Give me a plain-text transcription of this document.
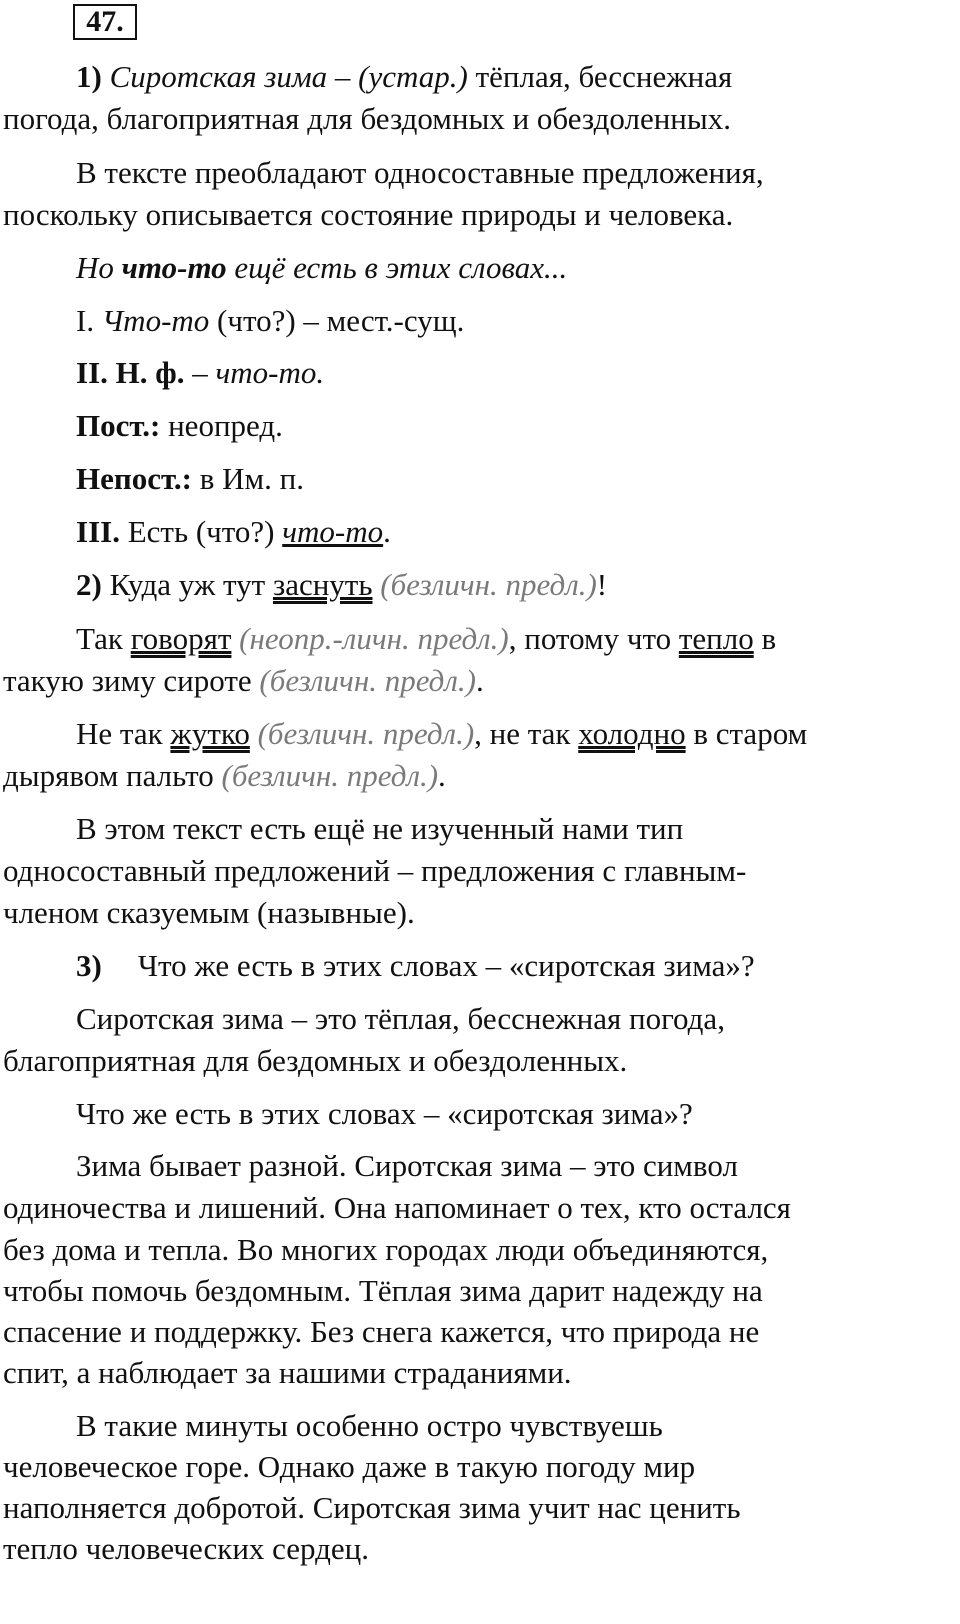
47.

1) Сиротская зима – (устар.) тёплая, бесснежная

погода, благоприятная для бездомных и обездоленных.

В тексте преобладают односоставные предложения,

поскольку описывается состояние природы и человека.

Но что-то ещё есть в этих словах...

I. Что-то (что?) – мест.-сущ.

II. Н. ф. – что-то.

Пост.: неопред.

Непост.: в Им. п.

III. Есть (что?) что-то.

2) Куда уж тут заснуть (безличн. предл.)!

Так говорят (неопр.-личн. предл.), потому что тепло в

такую зиму сироте (безличн. предл.).

Не так жутко (безличн. предл.), не так холодно в старом

дырявом пальто (безличн. предл.).

В этом текст есть ещё не изученный нами тип

односоставный предложений – предложения с главным-

членом сказуемым (назывные).

3) Что же есть в этих словах – «сиротская зима»?

Сиротская зима – это тёплая, бесснежная погода,

благоприятная для бездомных и обездоленных.

Что же есть в этих словах – «сиротская зима»?

Зима бывает разной. Сиротская зима – это символ

одиночества и лишений. Она напоминает о тех, кто остался

без дома и тепла. Во многих городах люди объединяются,

чтобы помочь бездомным. Тёплая зима дарит надежду на

спасение и поддержку. Без снега кажется, что природа не

спит, а наблюдает за нашими страданиями.

В такие минуты особенно остро чувствуешь

человеческое горе. Однако даже в такую погоду мир

наполняется добротой. Сиротская зима учит нас ценить

тепло человеческих сердец.
